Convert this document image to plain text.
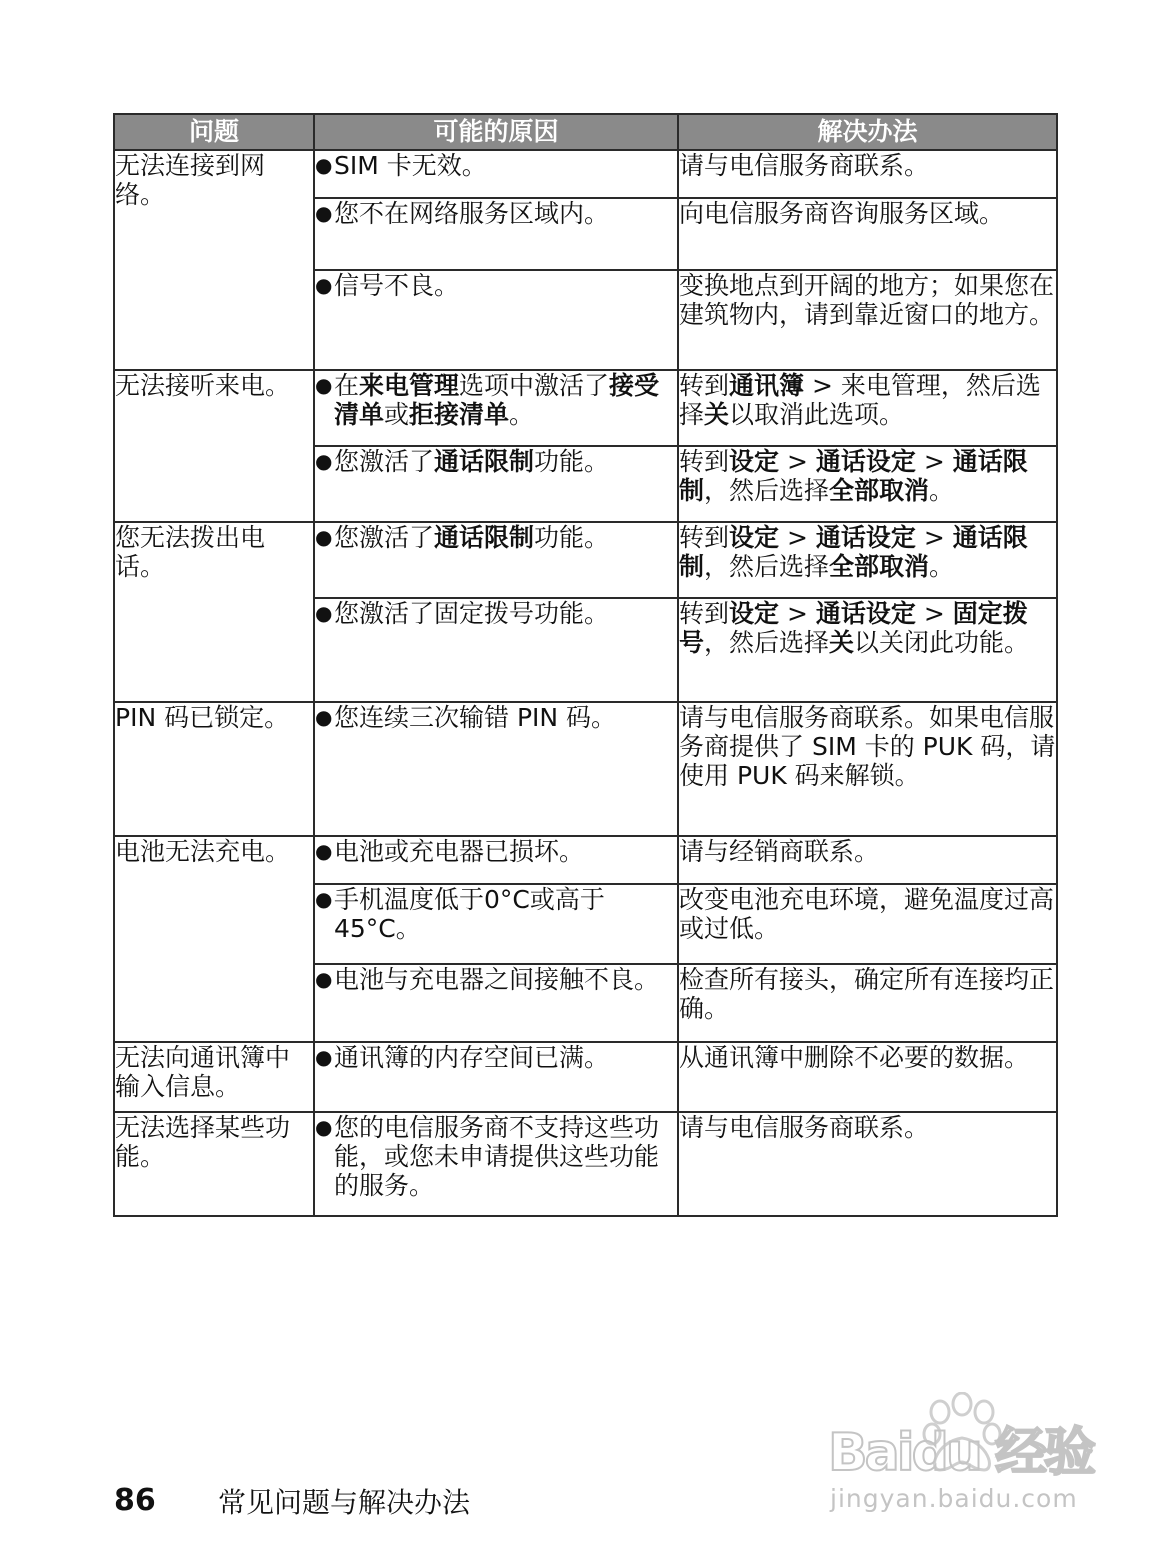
问题	可能的原因	解决办法
无法连接到网络。	● SIM 卡无效。	请与电信服务商联系。

	● 您不在网络服务区域内。	向电信服务商咨询服务区域。

	● 信号不良。	变换地点到开阔的地方；如果您在建筑物内，请到靠近窗口的地方。
无法接听来电。	● 在来电管理选项中激活了接受清单或拒接清单。	转到通讯簿 > 来电管理，然后选择关以取消此选项。

	● 您激活了通话限制功能。	转到设定 > 通话设定 > 通话限制，然后选择全部取消。
您无法拨出电话。	● 您激活了通话限制功能。	转到设定 > 通话设定 > 通话限制，然后选择全部取消。

	● 您激活了固定拨号功能。	转到设定 > 通话设定 > 固定拨号，然后选择关以关闭此功能。
PIN 码已锁定。	● 您连续三次输错 PIN 码。	请与电信服务商联系。如果电信服务商提供了 SIM 卡的 PUK 码，请使用 PUK 码来解锁。
电池无法充电。	● 电池或充电器已损坏。	请与经销商联系。

	● 手机温度低于0°C或高于45°C。	改变电池充电环境，避免温度过高或过低。

	● 电池与充电器之间接触不良。	检查所有接头，确定所有连接均正确。
无法向通讯簿中输入信息。	● 通讯簿的内存空间已满。	从通讯簿中删除不必要的数据。
无法选择某些功能。	● 您的电信服务商不支持这些功能，或您未申请提供这些功能的服务。	请与电信服务商联系。
86 常见问题与解决办法
Baidu 经验
jingyan.baidu.com
